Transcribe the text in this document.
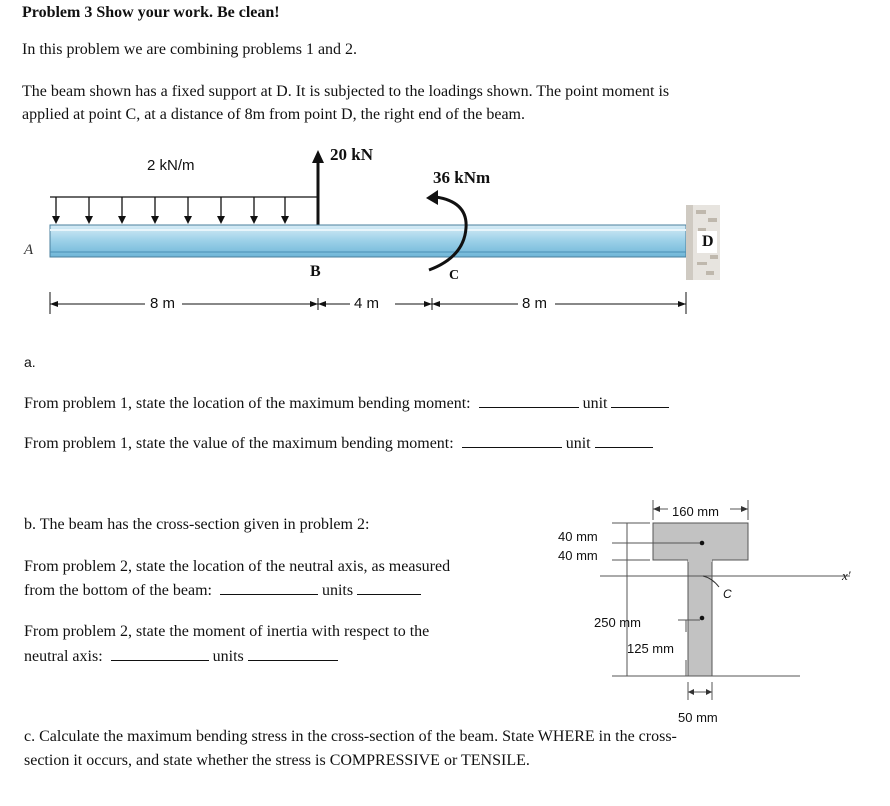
Problem 3 Show your work. Be clean!
In this problem we are combining problems 1 and 2.
The beam shown has a fixed support at D. It is subjected to the loadings shown. The point moment is
applied at point C, at a distance of 8m from point D, the right end of the beam.
2 kN/m
20 kN
36 kNm
A
B	C
D
8 m	4 m	8 m
a.
From problem 1, state the location of the maximum bending moment:	unit
From problem 1, state the value of the maximum bending moment:	unit
b. The beam has the cross-section given in problem 2:
From problem 2, state the location of the neutral axis, as measured
from the bottom of the beam:	units
From problem 2, state the moment of inertia with respect to the
neutral axis:	units
160 mm
40 mm
40 mm
250 mm
125 mm
50 mm
C
x′
c. Calculate the maximum bending stress in the cross-section of the beam. State WHERE in the cross-
section it occurs, and state whether the stress is COMPRESSIVE or TENSILE.
